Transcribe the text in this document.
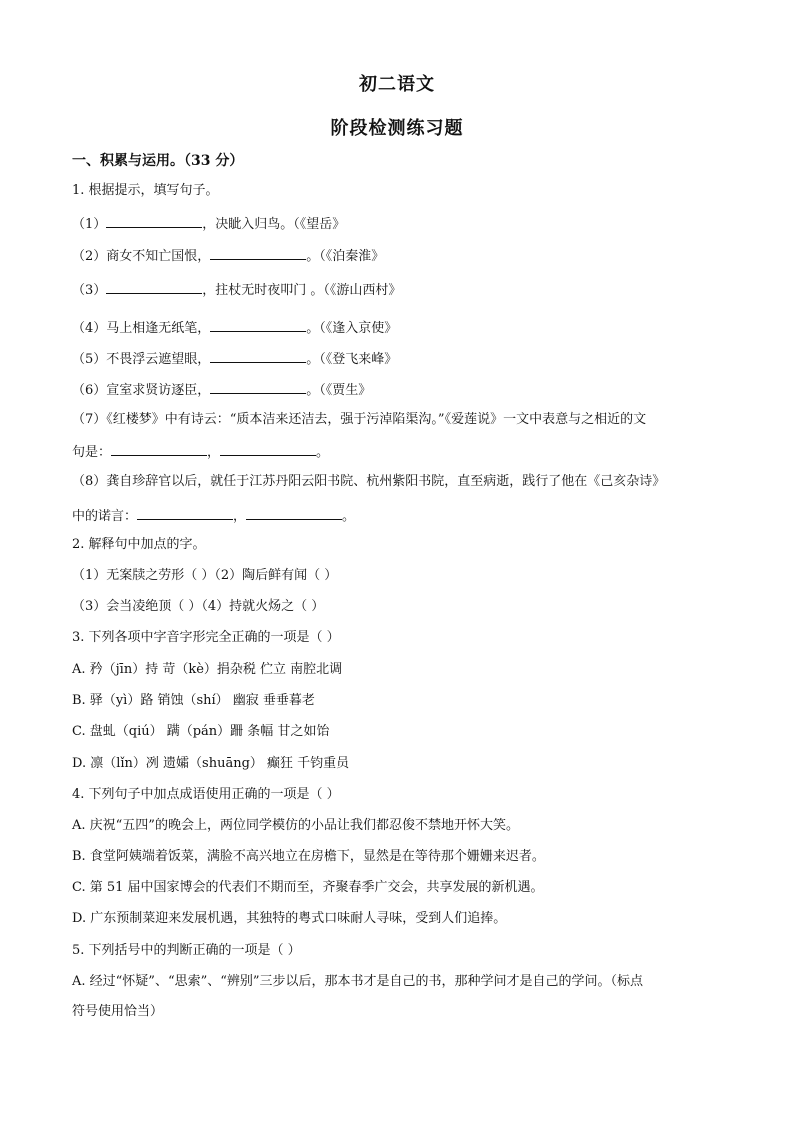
初二语文
阶段检测练习题
一、积累与运用。（33 分）
1. 根据提示，填写句子。
（1）	，决眦入归鸟。（《望岳》
（2）商女不知亡国恨，	。（《泊秦淮》
（3）	，拄杖无时夜叩门 。（《游山西村》
（4）马上相逢无纸笔，	。（《逢入京使》
（5）不畏浮云遮望眼，	。（《登飞来峰》
（6）宣室求贤访逐臣，	。（《贾生》
（7）《红楼梦》中有诗云：“质本洁来还洁去，强于污淖陷渠沟。”《爱莲说》一文中表意与之相近的文
句是：	，	。
（8）龚自珍辞官以后，就任于江苏丹阳云阳书院、杭州紫阳书院，直至病逝，践行了他在《己亥杂诗》
中的诺言：	，	。
2. 解释句中加点的字。
（1）无案牍之劳形（ ）（2）陶后鲜有闻（ ）
（3）会当凌绝顶（ ）（4）持就火炀之（ ）
3. 下列各项中字音字形完全正确的一项是（ ）
A. 矜（jīn）持 苛（kè）捐杂税 伫立 南腔北调
B. 驿（yì）路 销蚀（shí） 幽寂 垂垂暮老
C. 盘虬（qiú） 蹒（pán）跚 条幅 甘之如饴
D. 凛（lǐn）冽 遗孀（shuāng） 癫狂 千钧重员
4. 下列句子中加点成语使用正确的一项是（ ）
A. 庆祝“五四”的晚会上，两位同学模仿的小品让我们都忍俊不禁地开怀大笑。
B. 食堂阿姨端着饭菜，满脸不高兴地立在房檐下，显然是在等待那个姗姗来迟者。
C. 第 51 届中国家博会的代表们不期而至，齐聚春季广交会，共享发展的新机遇。
D. 广东预制菜迎来发展机遇，其独特的粤式口味耐人寻味，受到人们追捧。
5. 下列括号中的判断正确的一项是（ ）
A. 经过“怀疑”、“思索”、“辨别”三步以后，那本书才是自己的书，那种学问才是自己的学问。（标点
符号使用恰当）
